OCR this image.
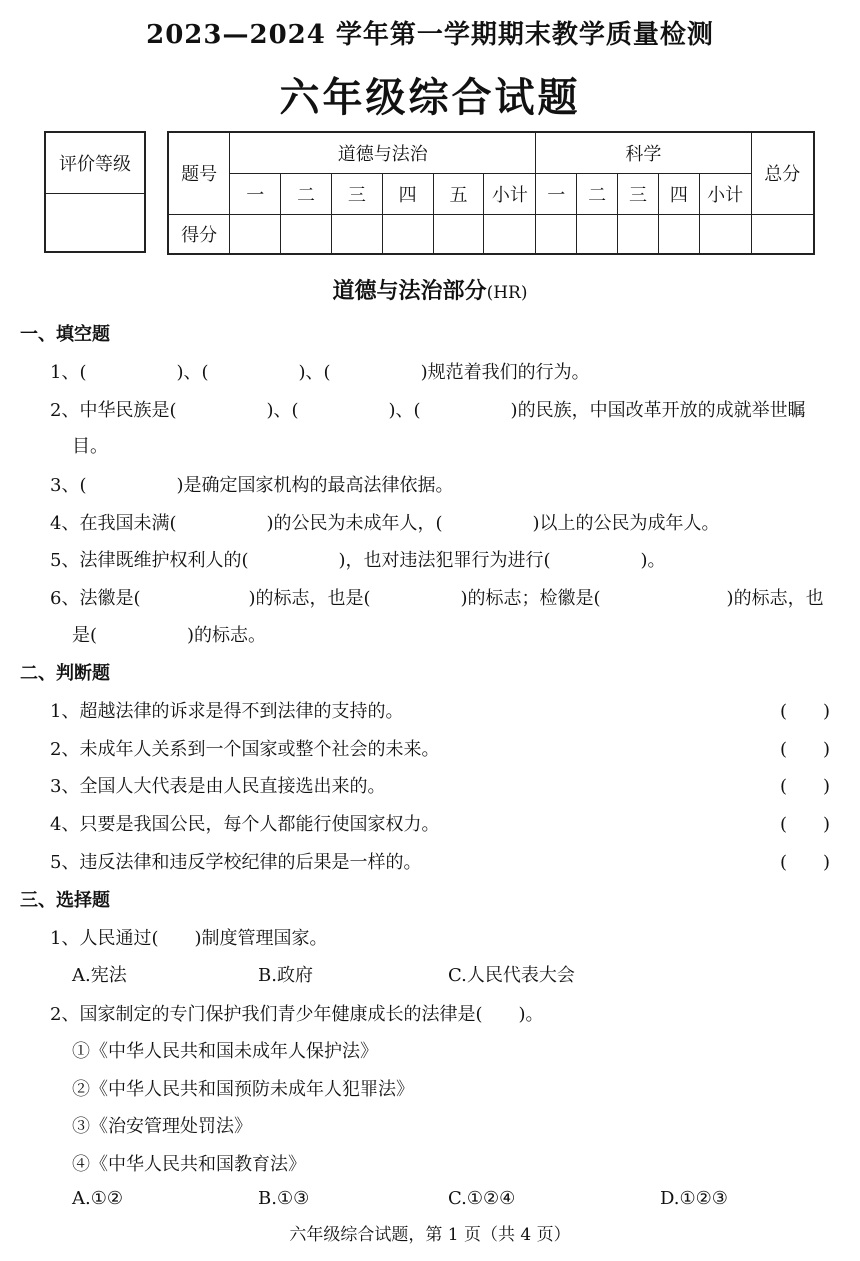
2023—2024 学年第一学期期末教学质量检测
六年级综合试题
评价等级	题号	道德与法治						科学					总分
	一	二	三	四	五	小计	一	二	三	四	小计	
得分												
道德与法治部分(HR)
一、填空题
1、(　　　　　)、(　　　　　)、(　　　　　)规范着我们的行为。
2、中华民族是(　　　　　)、(　　　　　)、(　　　　　)的民族，中国改革开放的成就举世瞩
目。
3、(　　　　　)是确定国家机构的最高法律依据。
4、在我国未满(　　　　　)的公民为未成年人，(　　　　　)以上的公民为成年人。
5、法律既维护权利人的(　　　　　)，也对违法犯罪行为进行(　　　　　)。
6、法徽是(　　　　　　)的标志，也是(　　　　　)的标志；检徽是(　　　　　　　)的标志，也
是(　　　　　)的标志。
二、判断题
1、超越法律的诉求是得不到法律的支持的。	(　　)
2、未成年人关系到一个国家或整个社会的未来。	(　　)
3、全国人大代表是由人民直接选出来的。	(　　)
4、只要是我国公民，每个人都能行使国家权力。	(　　)
5、违反法律和违反学校纪律的后果是一样的。	(　　)
三、选择题
1、人民通过(　　)制度管理国家。
A.宪法	B.政府	C.人民代表大会
2、国家制定的专门保护我们青少年健康成长的法律是(　　)。
①《中华人民共和国未成年人保护法》
②《中华人民共和国预防未成年人犯罪法》
③《治安管理处罚法》
④《中华人民共和国教育法》
A.①②	B.①③	C.①②④	D.①②③
六年级综合试题，第 1 页（共 4 页）
